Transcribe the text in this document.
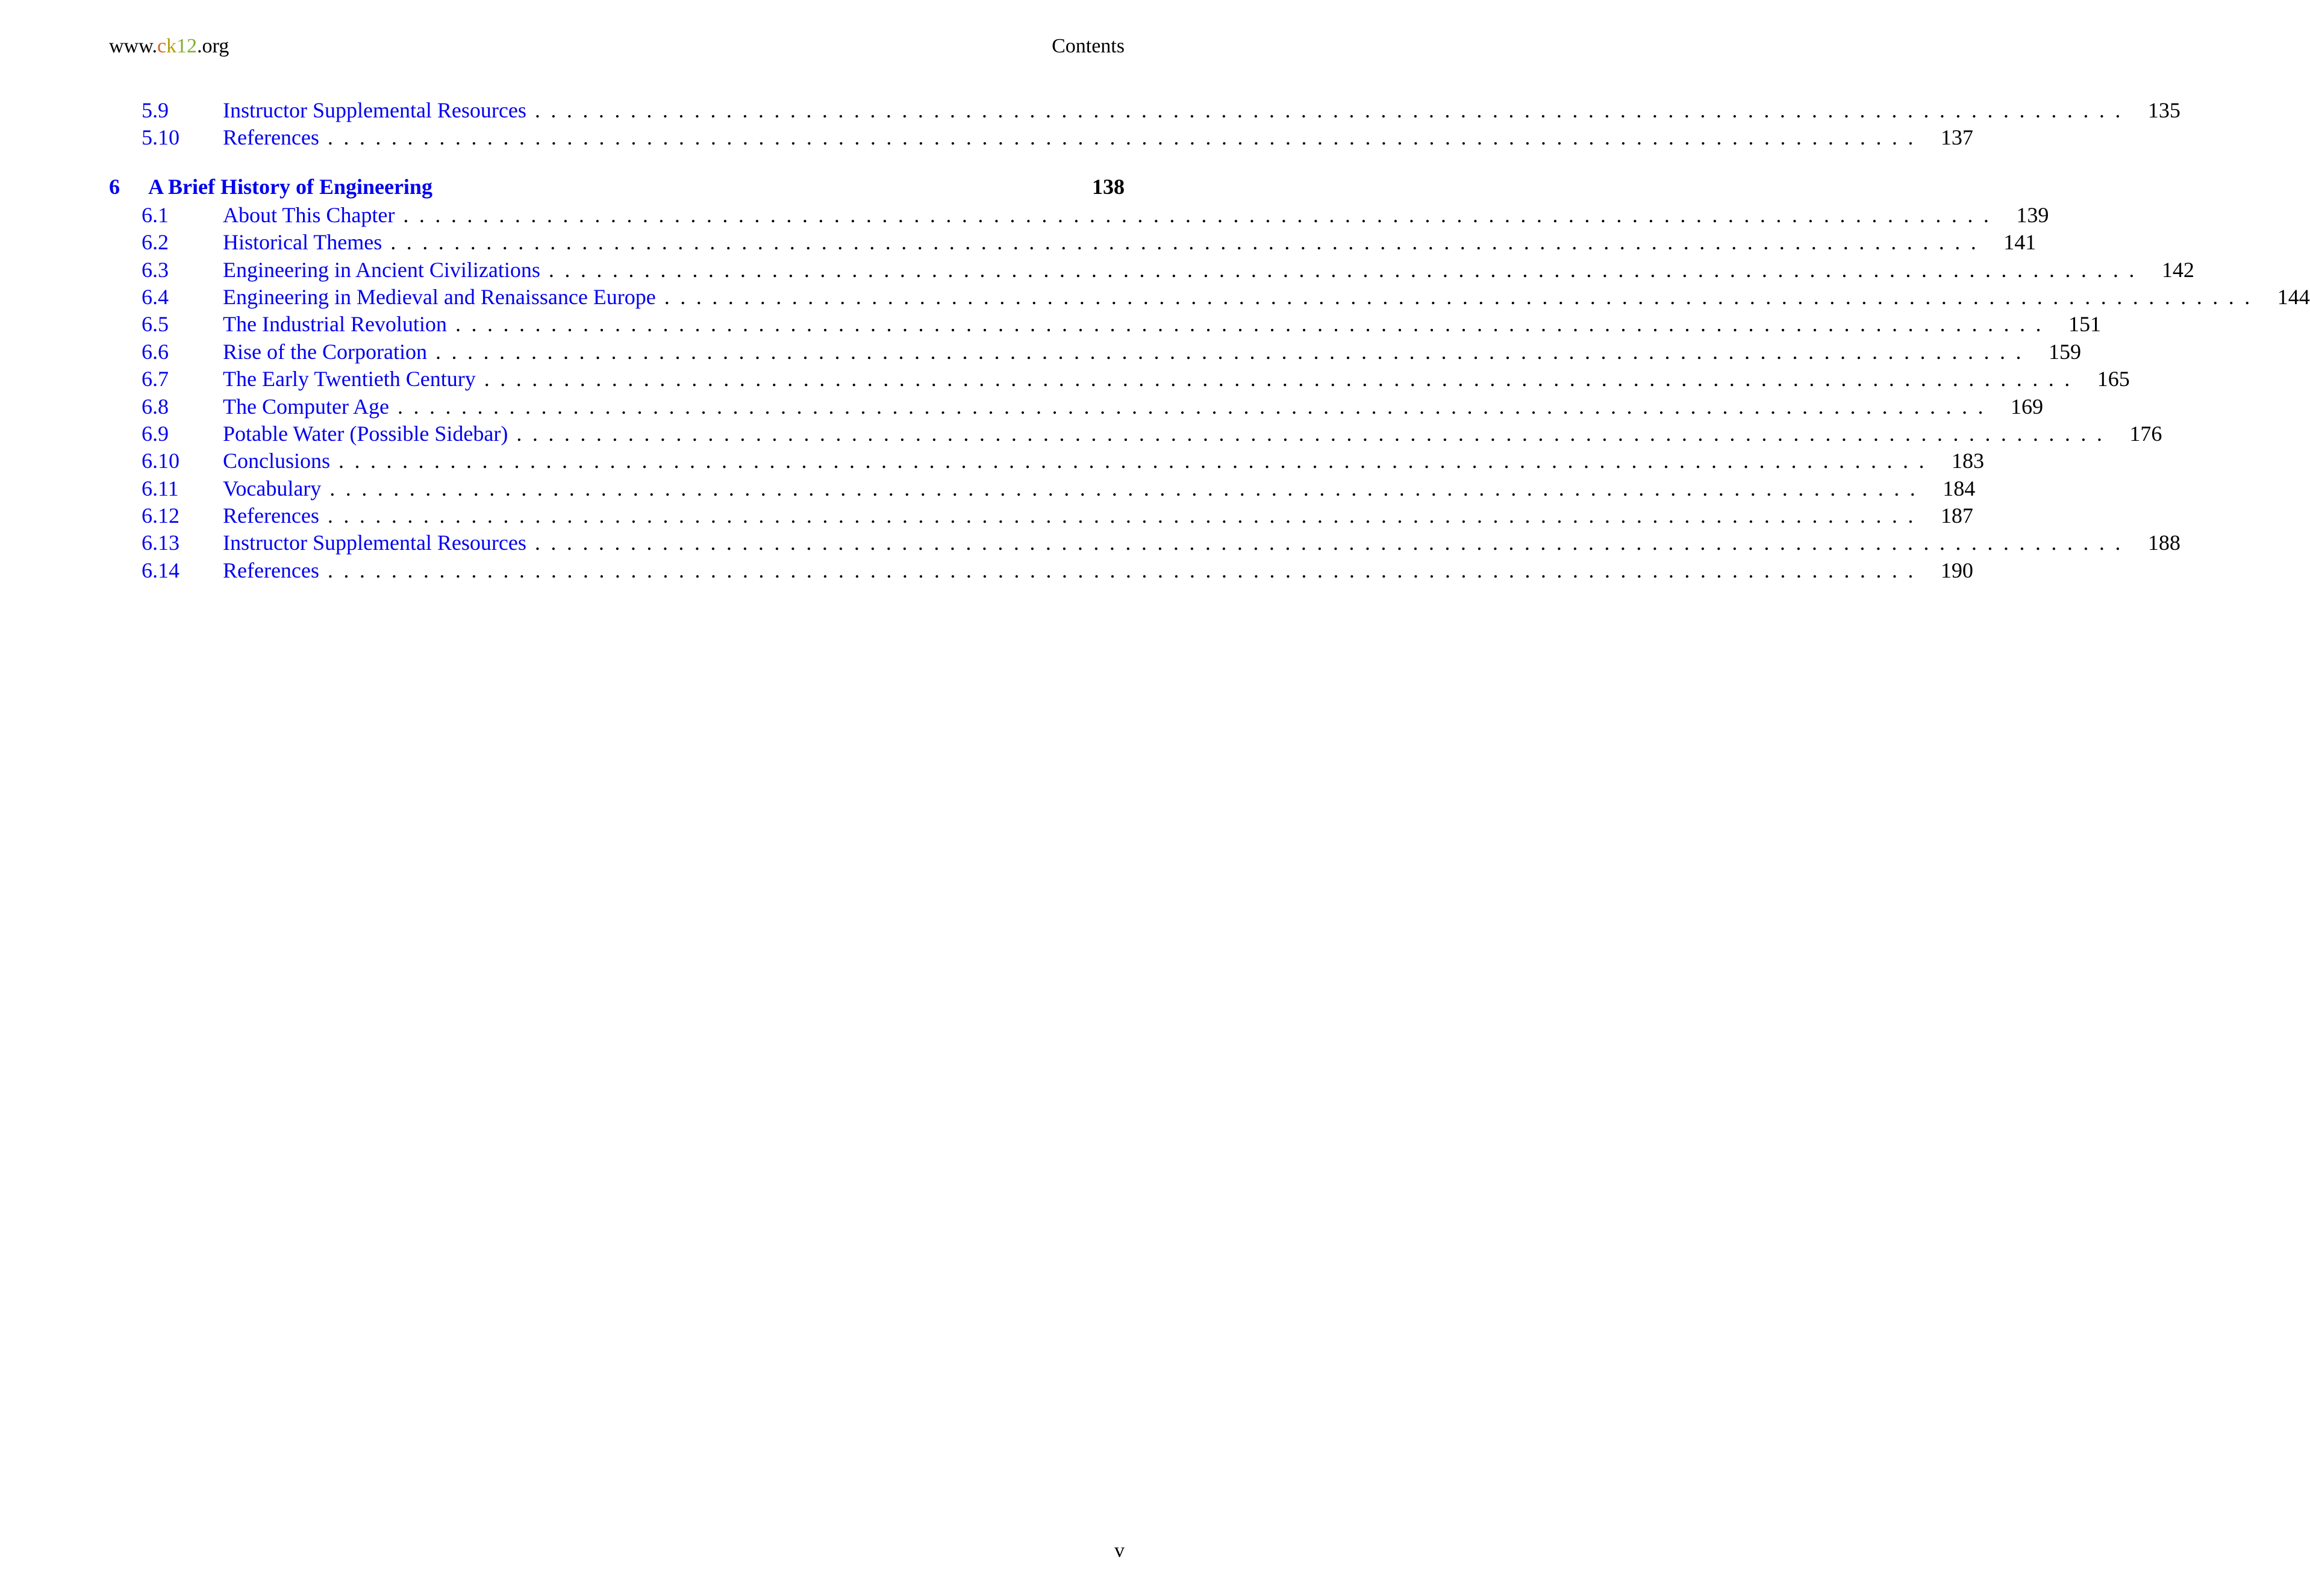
www.ck12.org	Contents
5.9	Instructor Supplemental Resources .................................................................................................... 135
5.10	References .................................................................................................... 137
6	A Brief History of Engineering	138
6.1	About This Chapter .................................................................................................... 139
6.2	Historical Themes .................................................................................................... 141
6.3	Engineering in Ancient Civilizations .................................................................................................... 142
6.4	Engineering in Medieval and Renaissance Europe .................................................................................................... 144
6.5	The Industrial Revolution .................................................................................................... 151
6.6	Rise of the Corporation .................................................................................................... 159
6.7	The Early Twentieth Century .................................................................................................... 165
6.8	The Computer Age .................................................................................................... 169
6.9	Potable Water (Possible Sidebar) .................................................................................................... 176
6.10	Conclusions .................................................................................................... 183
6.11	Vocabulary .................................................................................................... 184
6.12	References .................................................................................................... 187
6.13	Instructor Supplemental Resources .................................................................................................... 188
6.14	References .................................................................................................... 190
v
